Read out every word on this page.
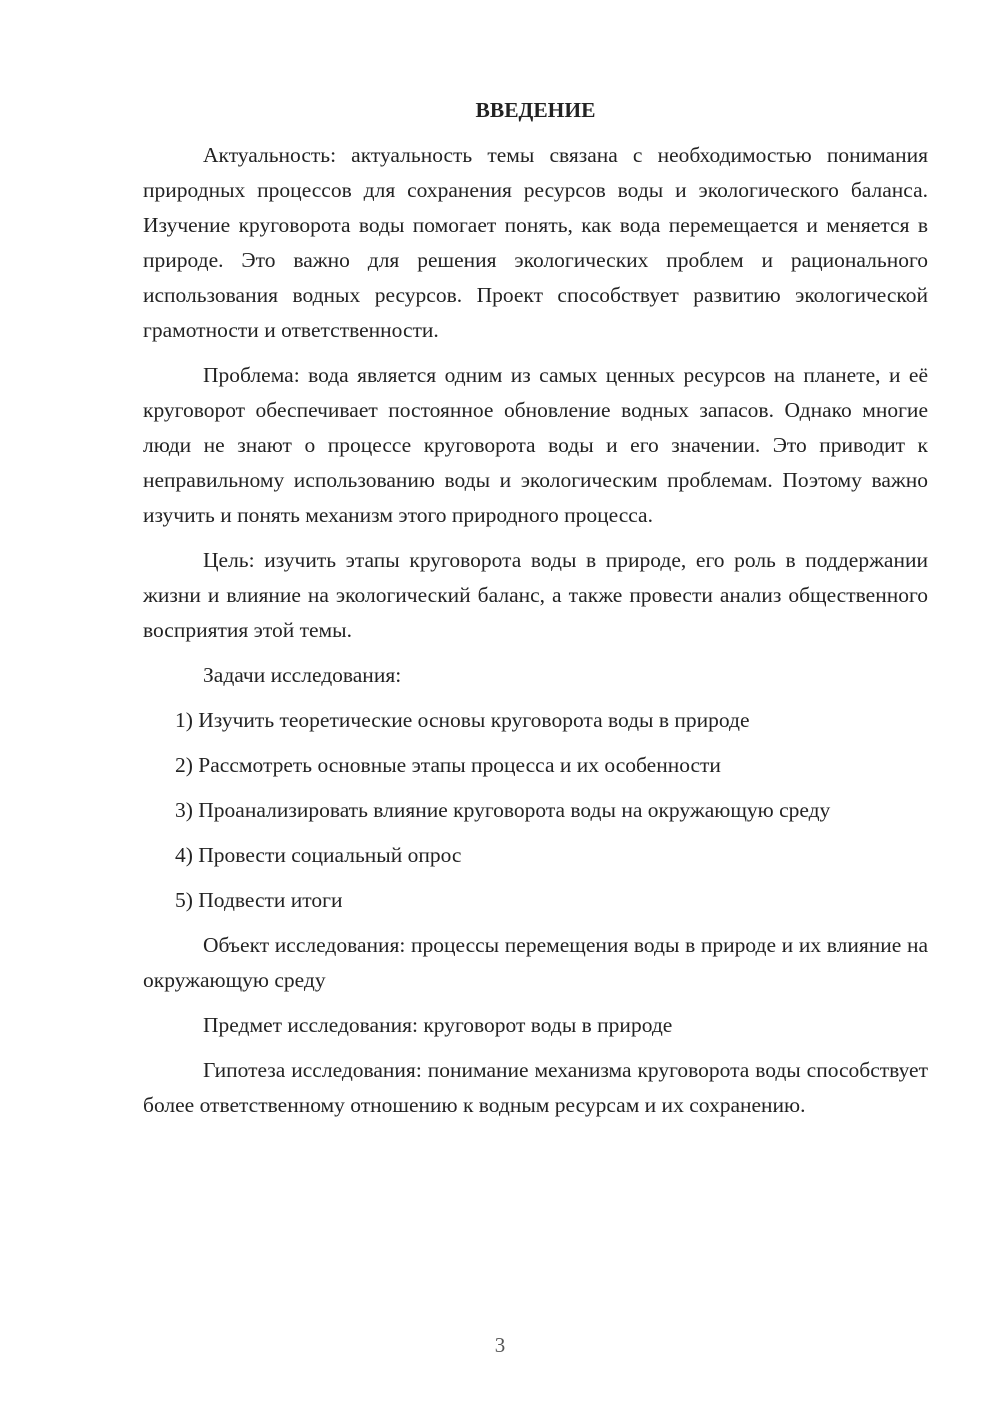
ВВЕДЕНИЕ

Актуальность: актуальность темы связана с необходимостью понимания природных процессов для сохранения ресурсов воды и экологического баланса. Изучение круговорота воды помогает понять, как вода перемещается и меняется в природе. Это важно для решения экологических проблем и рационального использования водных ресурсов. Проект способствует развитию экологической грамотности и ответственности.

Проблема: вода является одним из самых ценных ресурсов на планете, и её круговорот обеспечивает постоянное обновление водных запасов. Однако многие люди не знают о процессе круговорота воды и его значении. Это приводит к неправильному использованию воды и экологическим проблемам. Поэтому важно изучить и понять механизм этого природного процесса.

Цель: изучить этапы круговорота воды в природе, его роль в поддержании жизни и влияние на экологический баланс, а также провести анализ общественного восприятия этой темы.

Задачи исследования:

1) Изучить теоретические основы круговорота воды в природе

2) Рассмотреть основные этапы процесса и их особенности

3) Проанализировать влияние круговорота воды на окружающую среду

4) Провести социальный опрос

5) Подвести итоги

Объект исследования: процессы перемещения воды в природе и их влияние на окружающую среду

Предмет исследования: круговорот воды в природе

Гипотеза исследования: понимание механизма круговорота воды способствует более ответственному отношению к водным ресурсам и их сохранению.

3
